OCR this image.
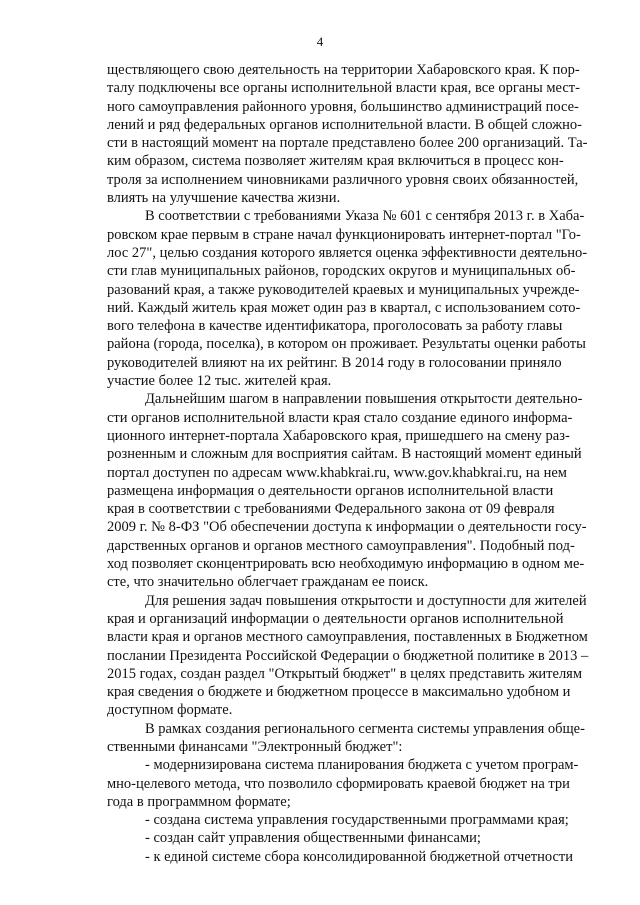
4
ществляющего свою деятельность на территории Хабаровского края. К пор-
талу подключены все органы исполнительной власти края, все органы мест-
ного самоуправления районного уровня, большинство администраций посе-
лений и ряд федеральных органов исполнительной власти. В общей сложно-
сти в настоящий момент на портале представлено более 200 организаций. Та-
ким образом, система позволяет жителям края включиться в процесс кон-
троля за исполнением чиновниками различного уровня своих обязанностей,
влиять на улучшение качества жизни.
В соответствии с требованиями Указа № 601 с сентября 2013 г. в Хаба-
ровском крае первым в стране начал функционировать интернет-портал "Го-
лос 27", целью создания которого является оценка эффективности деятельно-
сти глав муниципальных районов, городских округов и муниципальных об-
разований края, а также руководителей краевых и муниципальных учрежде-
ний. Каждый житель края может один раз в квартал, с использованием сото-
вого телефона в качестве идентификатора, проголосовать за работу главы
района (города, поселка), в котором он проживает. Результаты оценки работы
руководителей влияют на их рейтинг. В 2014 году в голосовании приняло
участие более 12 тыс. жителей края.
Дальнейшим шагом в направлении повышения открытости деятельно-
сти органов исполнительной власти края стало создание единого информа-
ционного интернет-портала Хабаровского края, пришедшего на смену раз-
розненным и сложным для восприятия сайтам. В настоящий момент единый
портал доступен по адресам www.khabkrai.ru, www.gov.khabkrai.ru, на нем
размещена информация о деятельности органов исполнительной власти
края в соответствии с требованиями Федерального закона от 09 февраля
2009 г. № 8-ФЗ "Об обеспечении доступа к информации о деятельности госу-
дарственных органов и органов местного самоуправления". Подобный под-
ход позволяет сконцентрировать всю необходимую информацию в одном ме-
сте, что значительно облегчает гражданам ее поиск.
Для решения задач повышения открытости и доступности для жителей
края и организаций информации о деятельности органов исполнительной
власти края и органов местного самоуправления, поставленных в Бюджетном
послании Президента Российской Федерации о бюджетной политике в 2013 –
2015 годах, создан раздел "Открытый бюджет" в целях представить жителям
края сведения о бюджете и бюджетном процессе в максимально удобном и
доступном формате.
В рамках создания регионального сегмента системы управления обще-
ственными финансами "Электронный бюджет":
- модернизирована система планирования бюджета с учетом програм-
мно-целевого метода, что позволило сформировать краевой бюджет на три
года в программном формате;
- создана система управления государственными программами края;
- создан сайт управления общественными финансами;
- к единой системе сбора консолидированной бюджетной отчетности
